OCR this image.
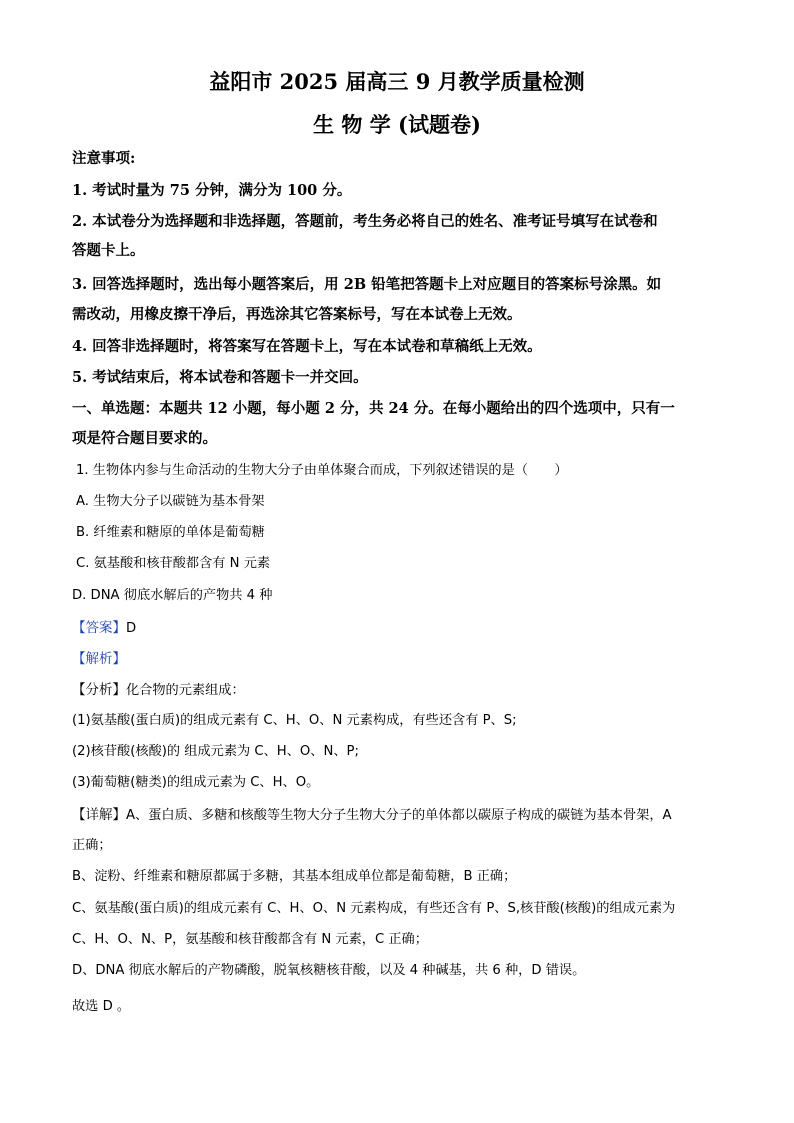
益阳市 2025 届高三 9 月教学质量检测
生 物 学 (试题卷)
注意事项:
1. 考试时量为 75 分钟，满分为 100 分。
2. 本试卷分为选择题和非选择题，答题前，考生务必将自己的姓名、准考证号填写在试卷和
答题卡上。
3. 回答选择题时，选出每小题答案后，用 2B 铅笔把答题卡上对应题目的答案标号涂黑。如
需改动，用橡皮擦干净后，再选涂其它答案标号，写在本试卷上无效。
4. 回答非选择题时，将答案写在答题卡上，写在本试卷和草稿纸上无效。
5. 考试结束后，将本试卷和答题卡一并交回。
一、单选题：本题共 12 小题，每小题 2 分，共 24 分。在每小题给出的四个选项中，只有一
项是符合题目要求的。
1. 生物体内参与生命活动的生物大分子由单体聚合而成，下列叙述错误的是（　　）
A. 生物大分子以碳链为基本骨架
B. 纤维素和糖原的单体是葡萄糖
C. 氨基酸和核苷酸都含有 N 元素
D. DNA 彻底水解后的产物共 4 种
【答案】D
【解析】
【分析】化合物的元素组成：
(1)氨基酸(蛋白质)的组成元素有 C、H、O、N 元素构成，有些还含有 P、S;
(2)核苷酸(核酸)的 组成元素为 C、H、O、N、P;
(3)葡萄糖(糖类)的组成元素为 C、H、O。
【详解】A、蛋白质、多糖和核酸等生物大分子生物大分子的单体都以碳原子构成的碳链为基本骨架，A
正确；
B、淀粉、纤维素和糖原都属于多糖，其基本组成单位都是葡萄糖，B 正确；
C、氨基酸(蛋白质)的组成元素有 C、H、O、N 元素构成，有些还含有 P、S,核苷酸(核酸)的组成元素为
C、H、O、N、P，氨基酸和核苷酸都含有 N 元素，C 正确；
D、DNA 彻底水解后的产物磷酸，脱氧核糖核苷酸，以及 4 种碱基，共 6 种，D 错误。
故选 D 。
